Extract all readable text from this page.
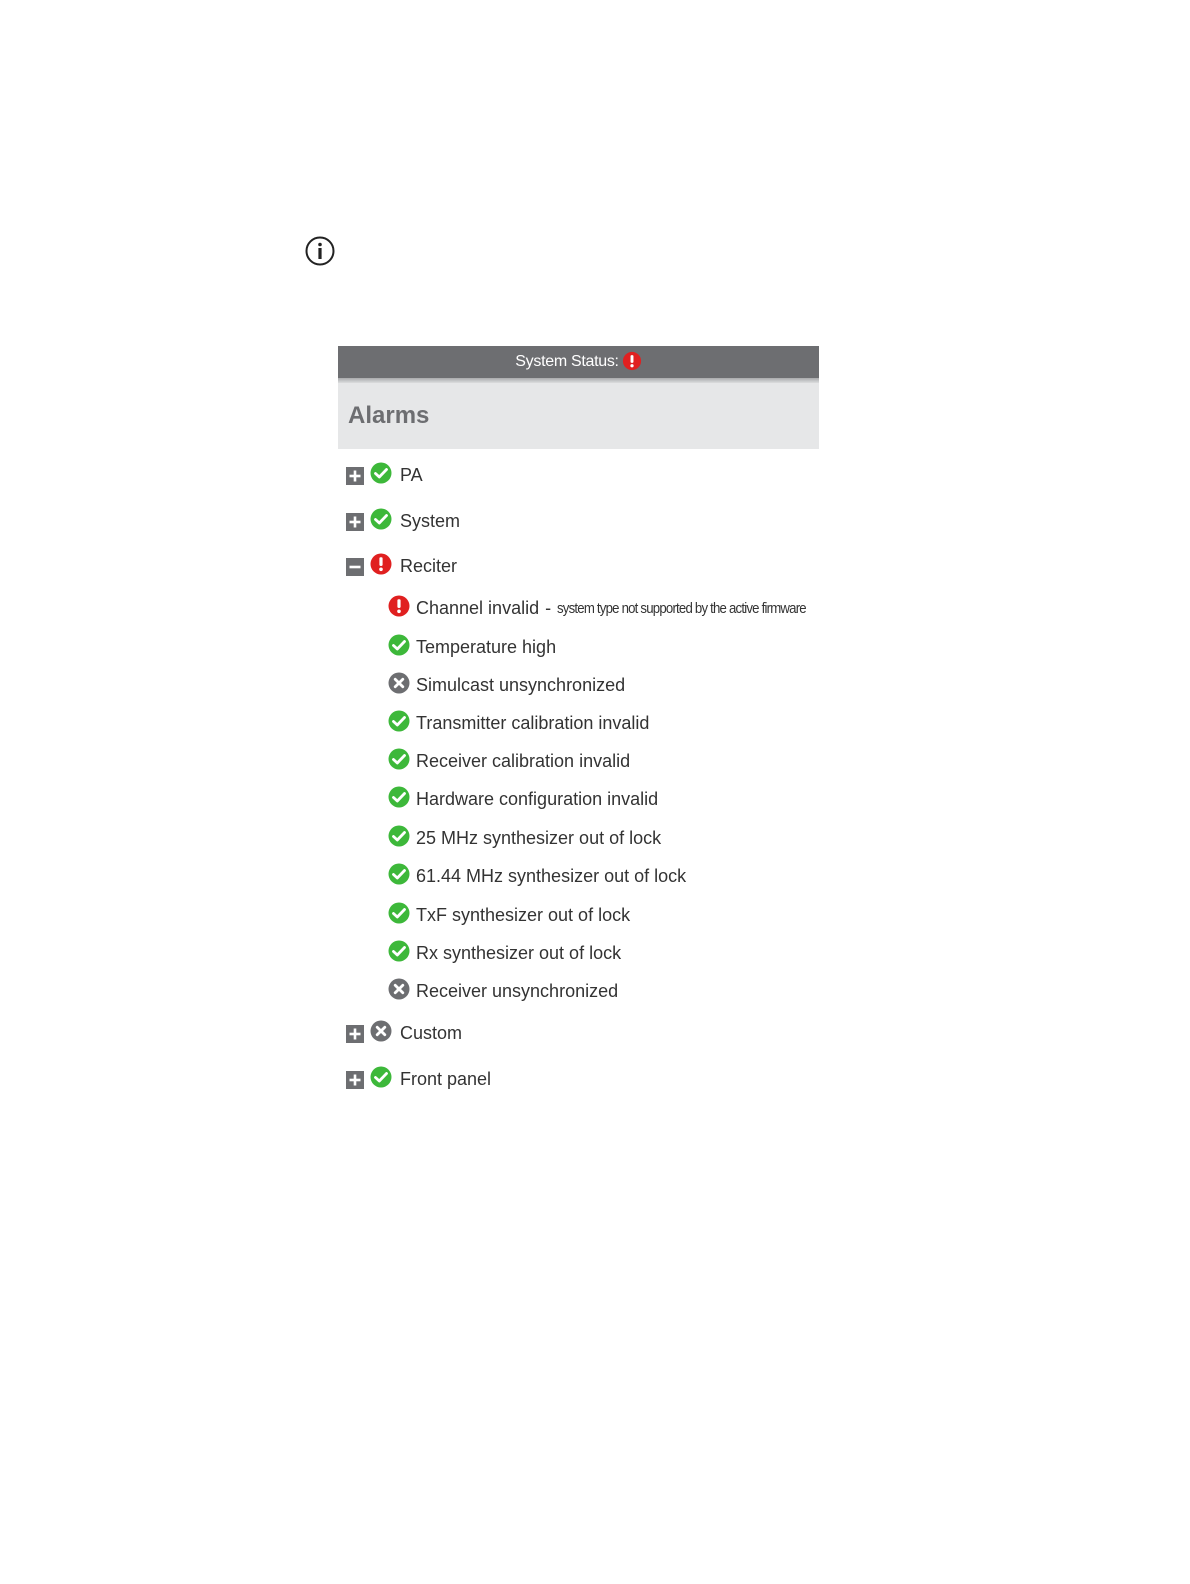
System Status:
Alarms
PA
System
Reciter
Custom
Front panel
Channel invalid - system type not supported by the active firmware
Temperature high
Simulcast unsynchronized
Transmitter calibration invalid
Receiver calibration invalid
Hardware configuration invalid
25 MHz synthesizer out of lock
61.44 MHz synthesizer out of lock
TxF synthesizer out of lock
Rx synthesizer out of lock
Receiver unsynchronized
